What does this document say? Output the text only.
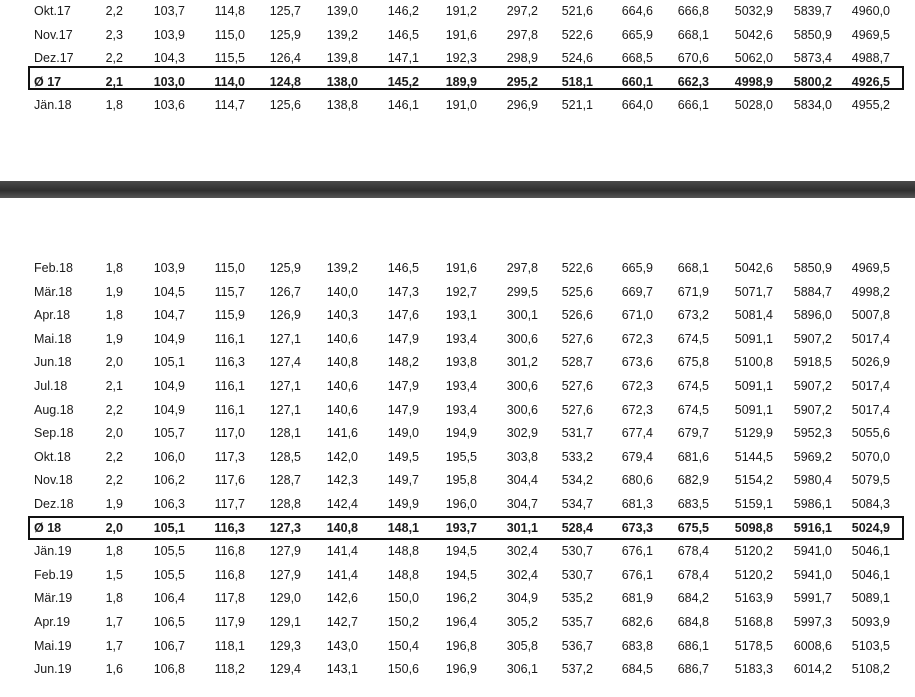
Okt.17	2,2 103,7 114,8 125,7 139,0 146,2 191,2 297,2 521,6 664,6 666,8 5032,9 5839,7 4960,0
Nov.17	2,3 103,9 115,0 125,9 139,2 146,5 191,6 297,8 522,6 665,9 668,1 5042,6 5850,9 4969,5
Dez.17	2,2 104,3 115,5 126,4 139,8 147,1 192,3 298,9 524,6 668,5 670,6 5062,0 5873,4 4988,7
Ø 17	2,1 103,0 114,0 124,8 138,0 145,2 189,9 295,2 518,1 660,1 662,3 4998,9 5800,2 4926,5
Jän.18	1,8 103,6 114,7 125,6 138,8 146,1 191,0 296,9 521,1 664,0 666,1 5028,0 5834,0 4955,2
Feb.18	1,8 103,9 115,0 125,9 139,2 146,5 191,6 297,8 522,6 665,9 668,1 5042,6 5850,9 4969,5
Mär.18	1,9 104,5 115,7 126,7 140,0 147,3 192,7 299,5 525,6 669,7 671,9 5071,7 5884,7 4998,2
Apr.18	1,8 104,7 115,9 126,9 140,3 147,6 193,1 300,1 526,6 671,0 673,2 5081,4 5896,0 5007,8
Mai.18	1,9 104,9 116,1 127,1 140,6 147,9 193,4 300,6 527,6 672,3 674,5 5091,1 5907,2 5017,4
Jun.18	2,0 105,1 116,3 127,4 140,8 148,2 193,8 301,2 528,7 673,6 675,8 5100,8 5918,5 5026,9
Jul.18	2,1 104,9 116,1 127,1 140,6 147,9 193,4 300,6 527,6 672,3 674,5 5091,1 5907,2 5017,4
Aug.18	2,2 104,9 116,1 127,1 140,6 147,9 193,4 300,6 527,6 672,3 674,5 5091,1 5907,2 5017,4
Sep.18	2,0 105,7 117,0 128,1 141,6 149,0 194,9 302,9 531,7 677,4 679,7 5129,9 5952,3 5055,6
Okt.18	2,2 106,0 117,3 128,5 142,0 149,5 195,5 303,8 533,2 679,4 681,6 5144,5 5969,2 5070,0
Nov.18	2,2 106,2 117,6 128,7 142,3 149,7 195,8 304,4 534,2 680,6 682,9 5154,2 5980,4 5079,5
Dez.18	1,9 106,3 117,7 128,8 142,4 149,9 196,0 304,7 534,7 681,3 683,5 5159,1 5986,1 5084,3
Ø 18	2,0 105,1 116,3 127,3 140,8 148,1 193,7 301,1 528,4 673,3 675,5 5098,8 5916,1 5024,9
Jän.19	1,8 105,5 116,8 127,9 141,4 148,8 194,5 302,4 530,7 676,1 678,4 5120,2 5941,0 5046,1
Feb.19	1,5 105,5 116,8 127,9 141,4 148,8 194,5 302,4 530,7 676,1 678,4 5120,2 5941,0 5046,1
Mär.19	1,8 106,4 117,8 129,0 142,6 150,0 196,2 304,9 535,2 681,9 684,2 5163,9 5991,7 5089,1
Apr.19	1,7 106,5 117,9 129,1 142,7 150,2 196,4 305,2 535,7 682,6 684,8 5168,8 5997,3 5093,9
Mai.19	1,7 106,7 118,1 129,3 143,0 150,4 196,8 305,8 536,7 683,8 686,1 5178,5 6008,6 5103,5
Jun.19	1,6 106,8 118,2 129,4 143,1 150,6 196,9 306,1 537,2 684,5 686,7 5183,3 6014,2 5108,2
